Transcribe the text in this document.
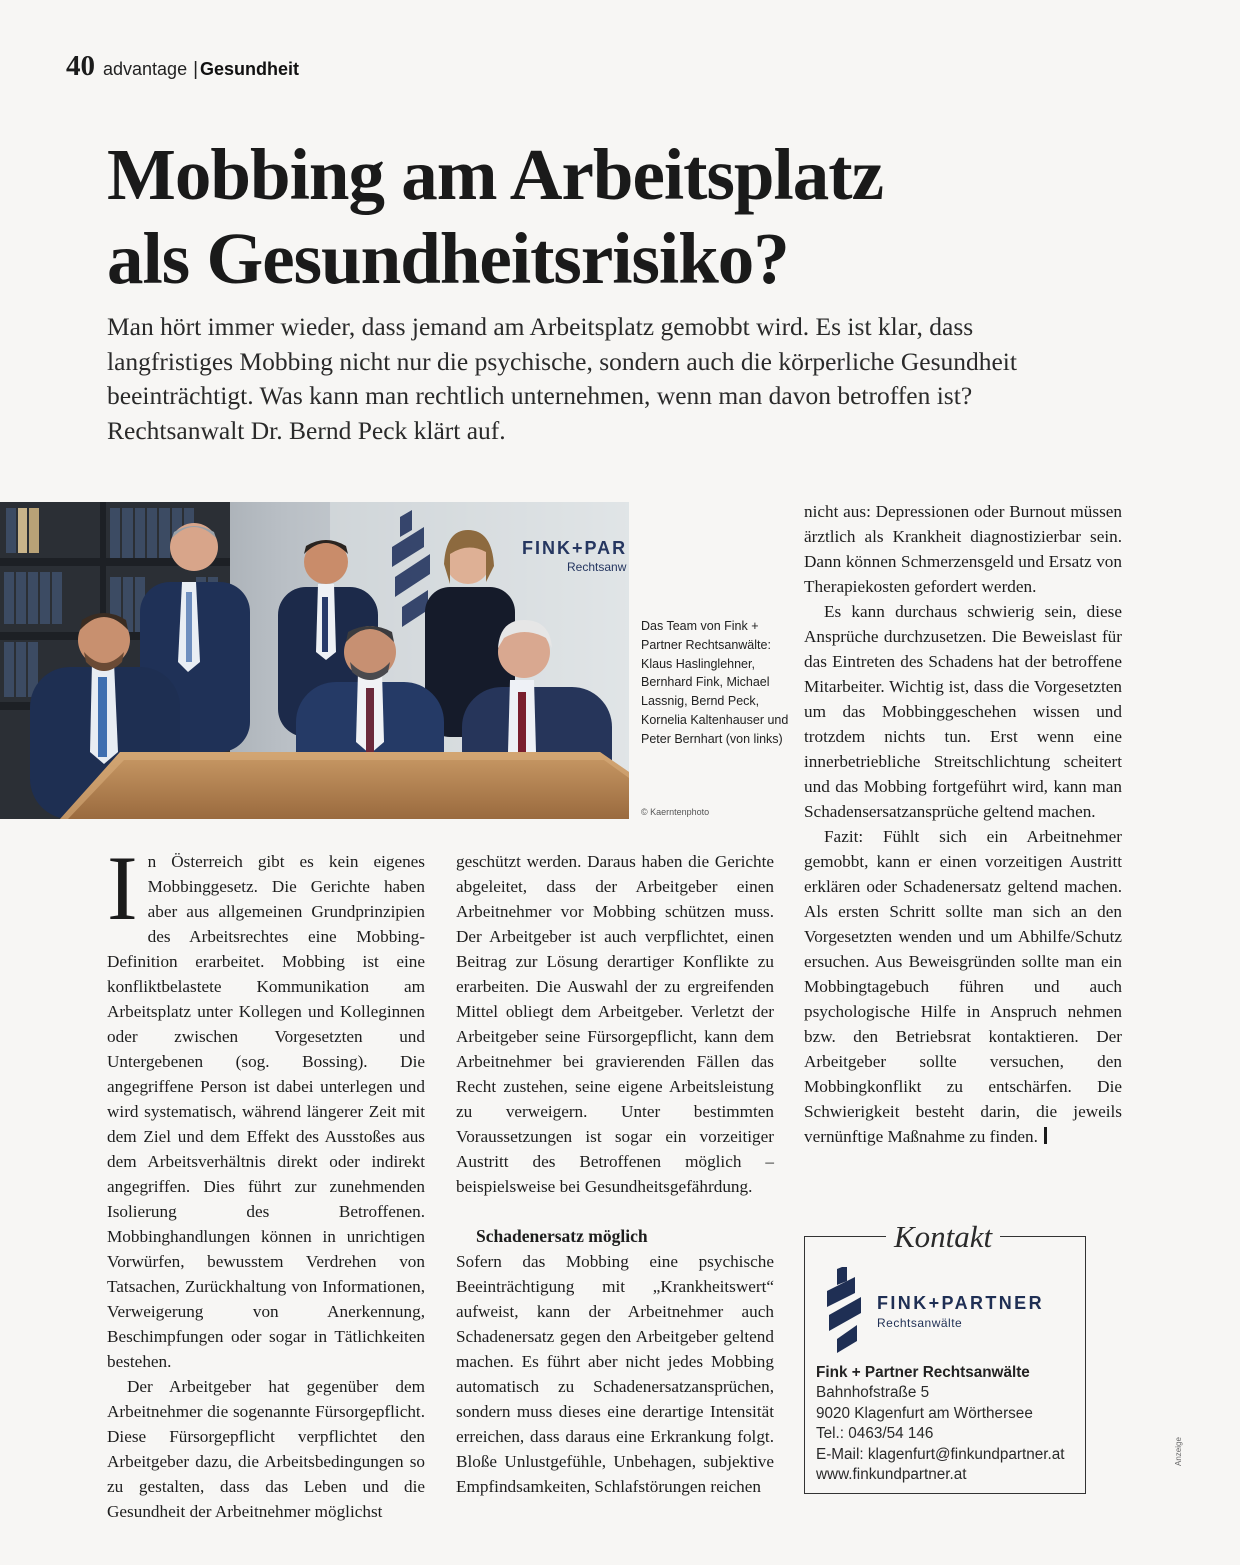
40 advantage | Gesundheit
Mobbing am Arbeitsplatz
als Gesundheitsrisiko?

Man hört immer wieder, dass jemand am Arbeitsplatz gemobbt wird. Es ist klar, dass langfristiges Mobbing nicht nur die psychische, sondern auch die körperliche Gesundheit beeinträchtigt. Was kann man rechtlich unternehmen, wenn man davon betroffen ist? Rechtsanwalt Dr. Bernd Peck klärt auf.

FINK+PAR
Rechtsanw

Das Team von Fink + Partner Rechtsanwälte: Klaus Haslinglehner, Bernhard Fink, Michael Lassnig, Bernd Peck, Kornelia Kaltenhauser und Peter Bernhart (von links)

© Kaerntenphoto

In Österreich gibt es kein eigenes Mobbinggesetz. Die Gerichte haben aber aus allgemeinen Grundprinzipien des Arbeitsrechtes eine Mobbing-Definition erarbeitet. Mobbing ist eine konfliktbelastete Kommunikation am Arbeitsplatz unter Kollegen und Kolleginnen oder zwischen Vorgesetzten und Untergebenen (sog. Bossing). Die angegriffene Person ist dabei unterlegen und wird systematisch, während längerer Zeit mit dem Ziel und dem Effekt des Ausstoßes aus dem Arbeitsverhältnis direkt oder indirekt angegriffen. Dies führt zur zunehmenden Isolierung des Betroffenen. Mobbinghandlungen können in unrichtigen Vorwürfen, bewusstem Verdrehen von Tatsachen, Zurückhaltung von Informationen, Verweigerung von Anerkennung, Beschimpfungen oder sogar in Tätlichkeiten bestehen.

Der Arbeitgeber hat gegenüber dem Arbeitnehmer die sogenannte Fürsorgepflicht. Diese Fürsorgepflicht verpflichtet den Arbeitgeber dazu, die Arbeitsbedingungen so zu gestalten, dass das Leben und die Gesundheit der Arbeitnehmer möglichst

geschützt werden. Daraus haben die Gerichte abgeleitet, dass der Arbeitgeber einen Arbeitnehmer vor Mobbing schützen muss. Der Arbeitgeber ist auch verpflichtet, einen Beitrag zur Lösung derartiger Konflikte zu erarbeiten. Die Auswahl der zu ergreifenden Mittel obliegt dem Arbeitgeber. Verletzt der Arbeitgeber seine Fürsorgepflicht, kann dem Arbeitnehmer bei gravierenden Fällen das Recht zustehen, seine eigene Arbeitsleistung zu verweigern. Unter bestimmten Voraussetzungen ist sogar ein vorzeitiger Austritt des Betroffenen möglich – beispielsweise bei Gesundheitsgefährdung.

Schadenersatz möglich

Sofern das Mobbing eine psychische Beeinträchtigung mit „Krankheitswert“ aufweist, kann der Arbeitnehmer auch Schadenersatz gegen den Arbeitgeber geltend machen. Es führt aber nicht jedes Mobbing automatisch zu Schadenersatzansprüchen, sondern muss dieses eine derartige Intensität erreichen, dass daraus eine Erkrankung folgt. Bloße Unlustgefühle, Unbehagen, subjektive Empfindsamkeiten, Schlafstörungen reichen

nicht aus: Depressionen oder Burnout müssen ärztlich als Krankheit diagnostizierbar sein. Dann können Schmerzensgeld und Ersatz von Therapiekosten gefordert werden.

Es kann durchaus schwierig sein, diese Ansprüche durchzusetzen. Die Beweislast für das Eintreten des Schadens hat der betroffene Mitarbeiter. Wichtig ist, dass die Vorgesetzten um das Mobbinggeschehen wissen und trotzdem nichts tun. Erst wenn eine innerbetriebliche Streitschlichtung scheitert und das Mobbing fortgeführt wird, kann man Schadensersatzansprüche geltend machen.

Fazit: Fühlt sich ein Arbeitnehmer gemobbt, kann er einen vorzeitigen Austritt erklären oder Schadenersatz geltend machen. Als ersten Schritt sollte man sich an den Vorgesetzten wenden und um Abhilfe/Schutz ersuchen. Aus Beweisgründen sollte man ein Mobbingtagebuch führen und auch psychologische Hilfe in Anspruch nehmen bzw. den Betriebsrat kontaktieren. Der Arbeitgeber sollte versuchen, den Mobbingkonflikt zu entschärfen. Die Schwierigkeit besteht darin, die jeweils vernünftige Maßnahme zu finden.

Kontakt
FINK+PARTNER
Rechtsanwälte
Fink + Partner Rechtsanwälte
Bahnhofstraße 5
9020 Klagenfurt am Wörthersee
Tel.: 0463/54 146
E-Mail: klagenfurt@finkundpartner.at
www.finkundpartner.at
Anzeige
